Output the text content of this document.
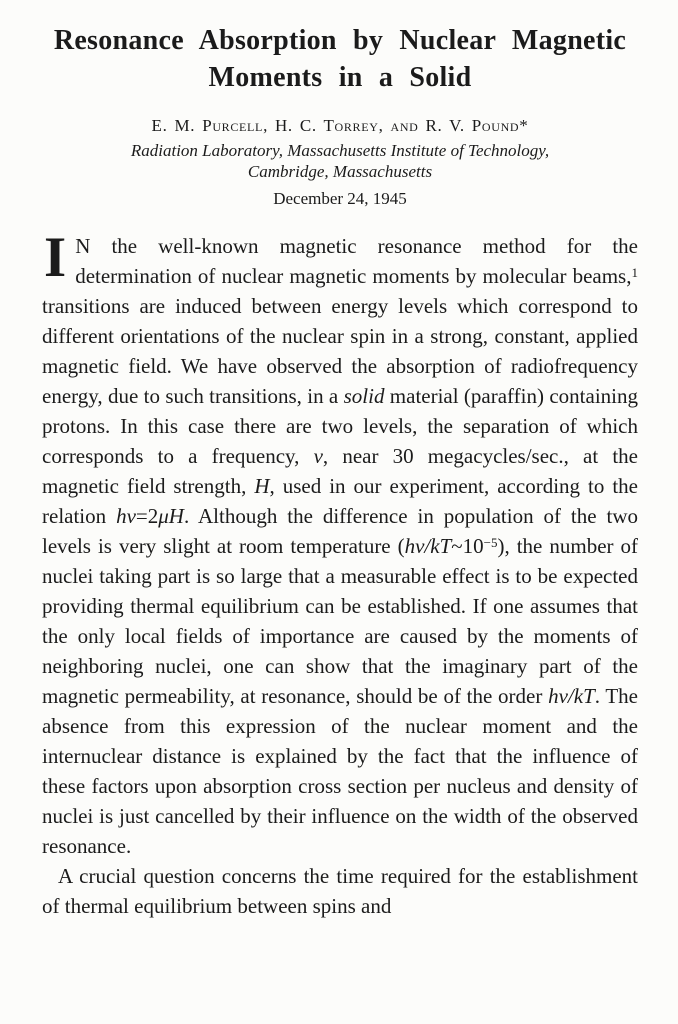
Resonance Absorption by Nuclear Magnetic
Moments in a Solid
E. M. Purcell, H. C. Torrey, and R. V. Pound*
Radiation Laboratory, Massachusetts Institute of Technology,
Cambridge, Massachusetts
December 24, 1945

I N the well-known magnetic resonance method for the determination of nuclear magnetic moments by molecular beams,$^1$ transitions are induced between energy levels which correspond to different orientations of the nuclear spin in a strong, constant, applied magnetic field. We have observed the absorption of radiofrequency energy, due to such transitions, in a solid material (paraffin) containing protons. In this case there are two levels, the separation of which corresponds to a frequency, ν, near 30 megacycles/sec., at the magnetic field strength, H, used in our experiment, according to the relation hν=2μH. Although the difference in population of the two levels is very slight at room temperature $(h\nu/kT\sim 10^{-5})$, the number of nuclei taking part is so large that a measurable effect is to be expected providing thermal equilibrium can be established. If one assumes that the only local fields of importance are caused by the moments of neighboring nuclei, one can show that the imaginary part of the magnetic permeability, at resonance, should be of the order hν/kT. The absence from this expression of the nuclear moment and the internuclear distance is explained by the fact that the influence of these factors upon absorption cross section per nucleus and density of nuclei is just cancelled by their influence on the width of the observed resonance.

A crucial question concerns the time required for the establishment of thermal equilibrium between spins and
